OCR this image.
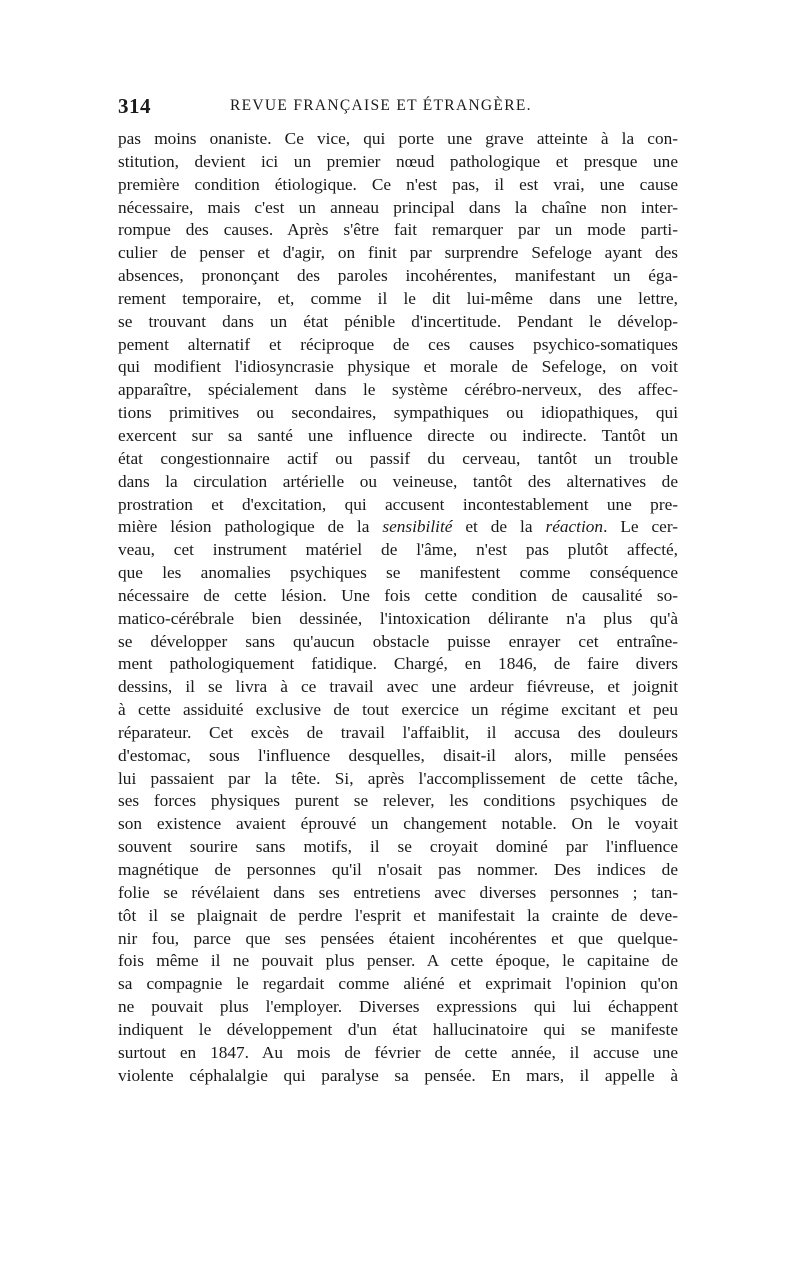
314	REVUE FRANÇAISE ET ÉTRANGÈRE.
pas moins onaniste. Ce vice, qui porte une grave atteinte à la con-
stitution, devient ici un premier nœud pathologique et presque une
première condition étiologique. Ce n'est pas, il est vrai, une cause
nécessaire, mais c'est un anneau principal dans la chaîne non inter-
rompue des causes. Après s'être fait remarquer par un mode parti-
culier de penser et d'agir, on finit par surprendre Sefeloge ayant des
absences, prononçant des paroles incohérentes, manifestant un éga-
rement temporaire, et, comme il le dit lui-même dans une lettre,
se trouvant dans un état pénible d'incertitude. Pendant le dévelop-
pement alternatif et réciproque de ces causes psychico-somatiques
qui modifient l'idiosyncrasie physique et morale de Sefeloge, on voit
apparaître, spécialement dans le système cérébro-nerveux, des affec-
tions primitives ou secondaires, sympathiques ou idiopathiques, qui
exercent sur sa santé une influence directe ou indirecte. Tantôt un
état congestionnaire actif ou passif du cerveau, tantôt un trouble
dans la circulation artérielle ou veineuse, tantôt des alternatives de
prostration et d'excitation, qui accusent incontestablement une pre-
mière lésion pathologique de la sensibilité et de la réaction. Le cer-
veau, cet instrument matériel de l'âme, n'est pas plutôt affecté,
que les anomalies psychiques se manifestent comme conséquence
nécessaire de cette lésion. Une fois cette condition de causalité so-
matico-cérébrale bien dessinée, l'intoxication délirante n'a plus qu'à
se développer sans qu'aucun obstacle puisse enrayer cet entraîne-
ment pathologiquement fatidique. Chargé, en 1846, de faire divers
dessins, il se livra à ce travail avec une ardeur fiévreuse, et joignit
à cette assiduité exclusive de tout exercice un régime excitant et peu
réparateur. Cet excès de travail l'affaiblit, il accusa des douleurs
d'estomac, sous l'influence desquelles, disait-il alors, mille pensées
lui passaient par la tête. Si, après l'accomplissement de cette tâche,
ses forces physiques purent se relever, les conditions psychiques de
son existence avaient éprouvé un changement notable. On le voyait
souvent sourire sans motifs, il se croyait dominé par l'influence
magnétique de personnes qu'il n'osait pas nommer. Des indices de
folie se révélaient dans ses entretiens avec diverses personnes ; tan-
tôt il se plaignait de perdre l'esprit et manifestait la crainte de deve-
nir fou, parce que ses pensées étaient incohérentes et que quelque-
fois même il ne pouvait plus penser. A cette époque, le capitaine de
sa compagnie le regardait comme aliéné et exprimait l'opinion qu'on
ne pouvait plus l'employer. Diverses expressions qui lui échappent
indiquent le développement d'un état hallucinatoire qui se manifeste
surtout en 1847. Au mois de février de cette année, il accuse une
violente céphalalgie qui paralyse sa pensée. En mars, il appelle à
